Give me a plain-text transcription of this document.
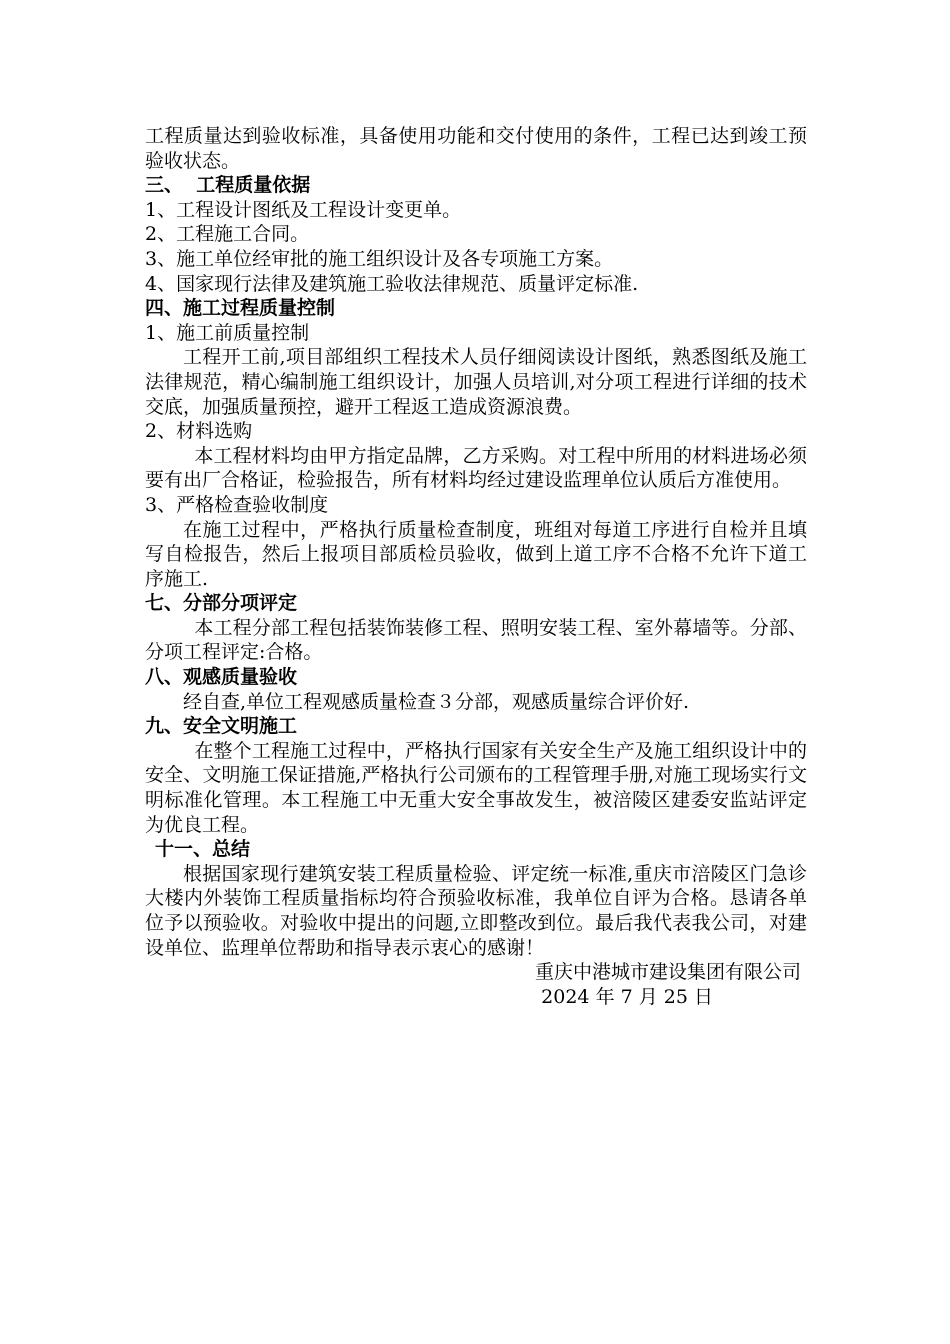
工程质量达到验收标准，具备使用功能和交付使用的条件，工程已达到竣工预验收状态。

三、  工程质量依据

1、工程设计图纸及工程设计变更单。

2、工程施工合同。

3、施工单位经审批的施工组织设计及各专项施工方案。

4、国家现行法律及建筑施工验收法律规范、质量评定标准.

四、施工过程质量控制

1、施工前质量控制

工程开工前,项目部组织工程技术人员仔细阅读设计图纸，熟悉图纸及施工法律规范，精心编制施工组织设计，加强人员培训,对分项工程进行详细的技术交底，加强质量预控，避开工程返工造成资源浪费。

2、材料选购

本工程材料均由甲方指定品牌，乙方采购。对工程中所用的材料进场必须要有出厂合格证，检验报告，所有材料均经过建设监理单位认质后方准使用。

3、严格检查验收制度

在施工过程中，严格执行质量检查制度，班组对每道工序进行自检并且填写自检报告，然后上报项目部质检员验收，做到上道工序不合格不允许下道工序施工.

七、分部分项评定

本工程分部工程包括装饰装修工程、照明安装工程、室外幕墙等。分部、分项工程评定:合格。

八、观感质量验收

经自查,单位工程观感质量检查３分部，观感质量综合评价好.

九、安全文明施工

在整个工程施工过程中，严格执行国家有关安全生产及施工组织设计中的安全、文明施工保证措施,严格执行公司颁布的工程管理手册,对施工现场实行文明标准化管理。本工程施工中无重大安全事故发生，被涪陵区建委安监站评定为优良工程。

十一、总结

根据国家现行建筑安装工程质量检验、评定统一标准,重庆市涪陵区门急诊大楼内外装饰工程质量指标均符合预验收标准，我单位自评为合格。恳请各单位予以预验收。对验收中提出的问题,立即整改到位。最后我代表我公司，对建设单位、监理单位帮助和指导表示衷心的感谢！

重庆中港城市建设集团有限公司

2024 年 7 月 25 日
